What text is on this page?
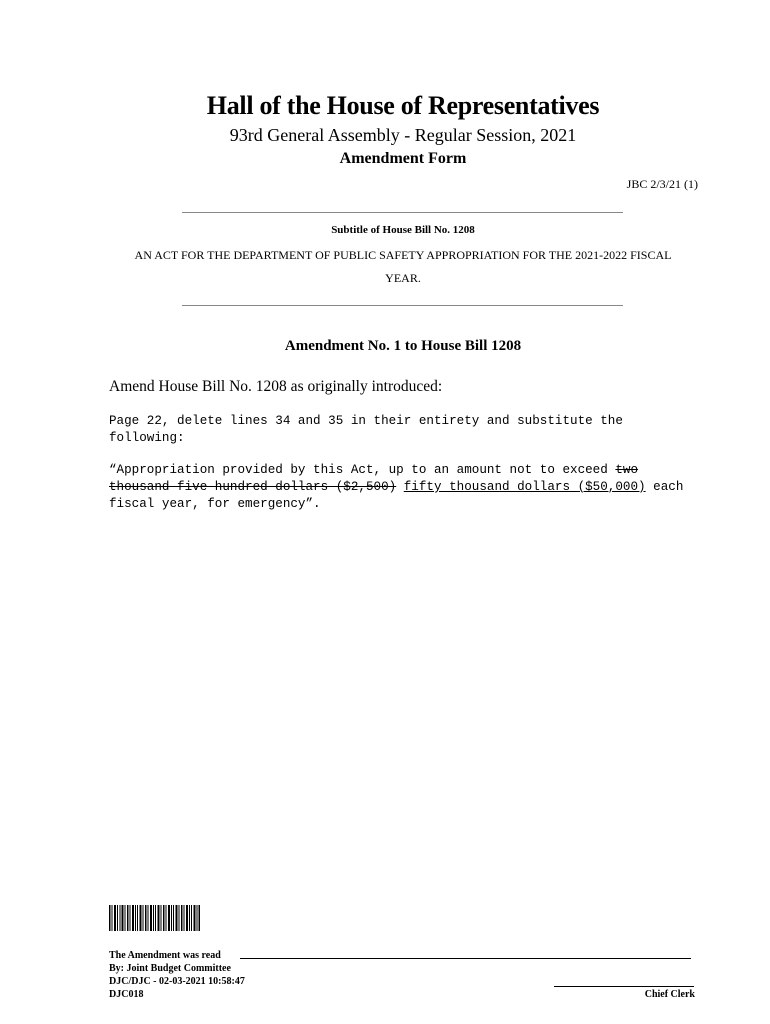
Hall of the House of Representatives
93rd General Assembly - Regular Session, 2021
Amendment Form
JBC 2/3/21 (1)
Subtitle of House Bill No. 1208
AN ACT FOR THE DEPARTMENT OF PUBLIC SAFETY APPROPRIATION FOR THE 2021-2022 FISCAL
YEAR.
Amendment No. 1 to House Bill 1208
Amend House Bill No. 1208 as originally introduced:
Page 22, delete lines 34 and 35 in their entirety and substitute the
following:
“Appropriation provided by this Act, up to an amount not to exceed two
thousand five hundred dollars ($2,500) fifty thousand dollars ($50,000) each
fiscal year, for emergency”.
The Amendment was read
By: Joint Budget Committee
DJC/DJC - 02-03-2021 10:58:47
DJC018	Chief Clerk
